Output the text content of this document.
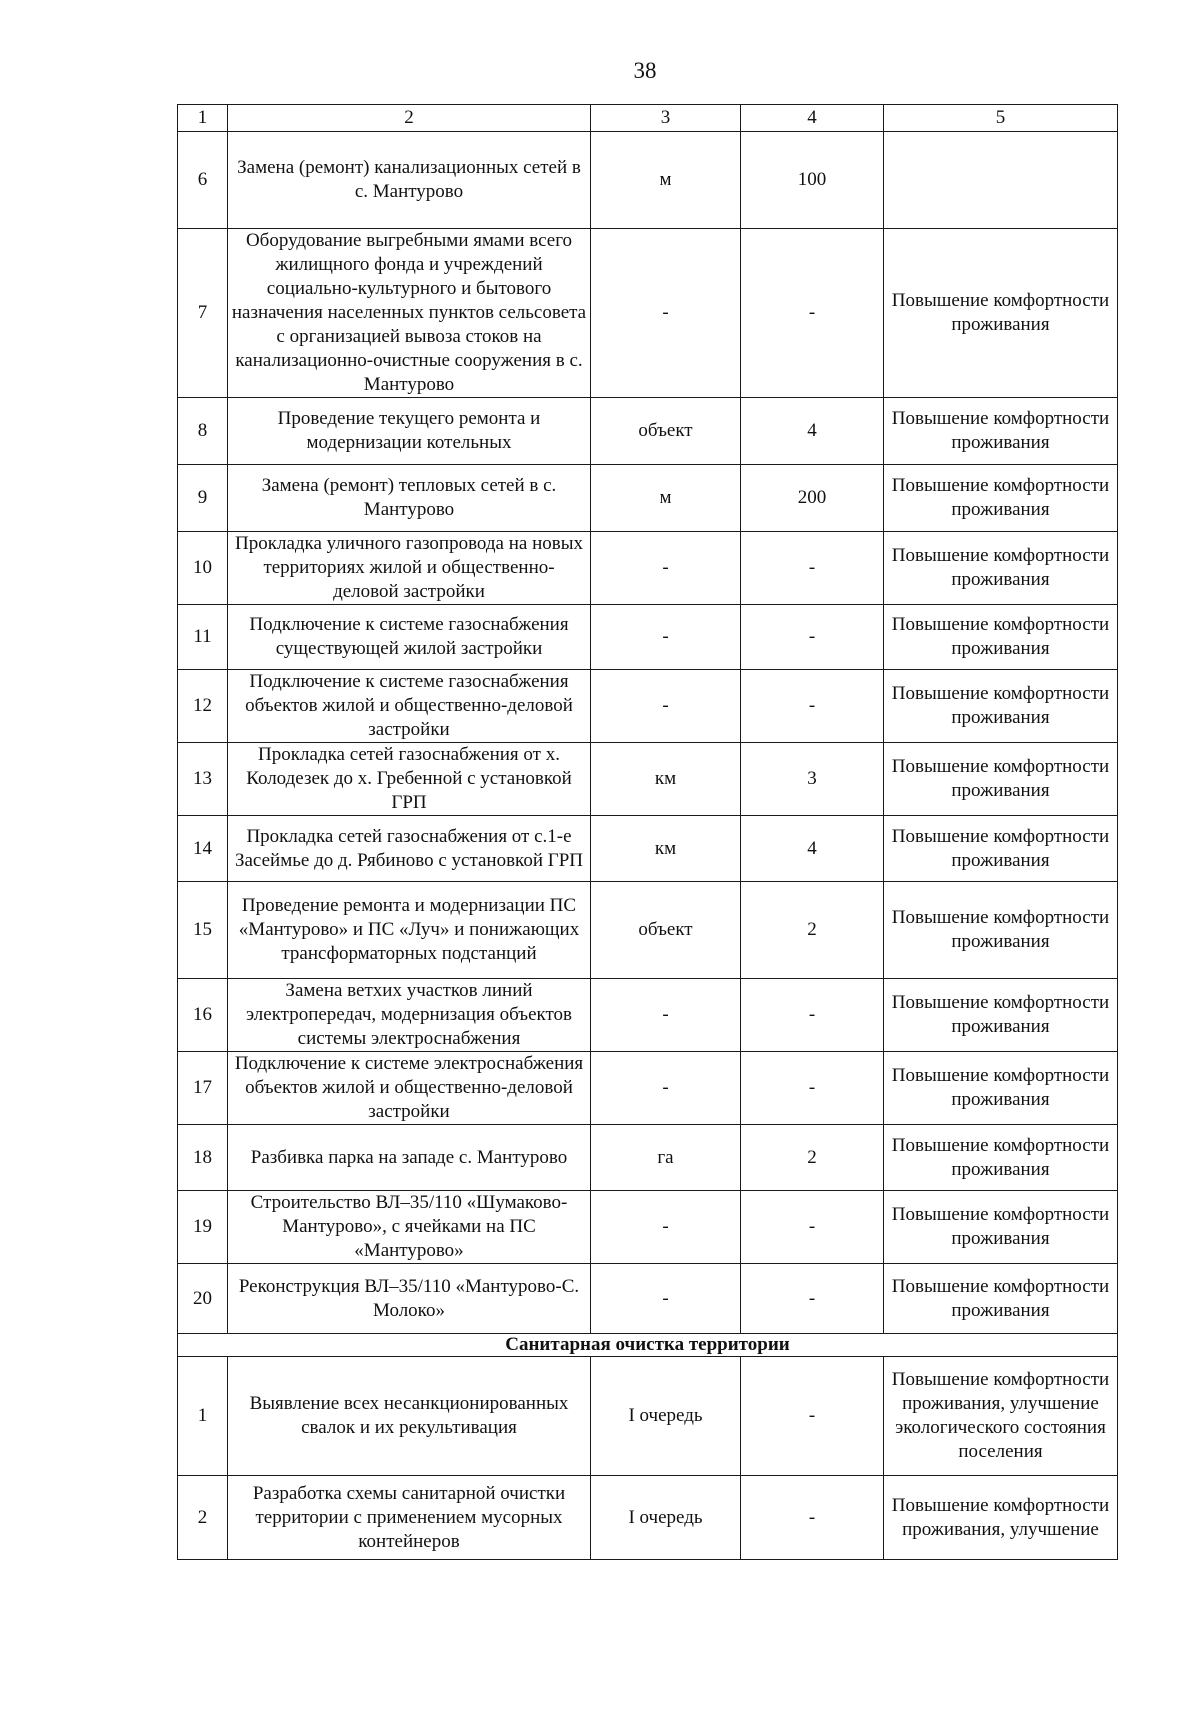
38
1	2	3	4	5
6	Замена (ремонт) канализационных сетей в с. Мантурово	м	100	
7	Оборудование выгребными ямами всего жилищного фонда и учреждений социально-культурного и бытового назначения населенных пунктов сельсовета с организацией вывоза стоков на канализационно-очистные сооружения в с. Мантурово	-	-	Повышение комфортности проживания
8	Проведение текущего ремонта и модернизации котельных	объект	4	Повышение комфортности проживания
9	Замена (ремонт) тепловых сетей в с. Мантурово	м	200	Повышение комфортности проживания
10	Прокладка уличного газопровода на новых территориях жилой и общественно-деловой застройки	-	-	Повышение комфортности проживания
11	Подключение к системе газоснабжения существующей жилой застройки	-	-	Повышение комфортности проживания
12	Подключение к системе газоснабжения объектов жилой и общественно-деловой застройки	-	-	Повышение комфортности проживания
13	Прокладка сетей газоснабжения от х. Колодезек до х. Гребенной с установкой ГРП	км	3	Повышение комфортности проживания
14	Прокладка сетей газоснабжения от с.1-е Засеймье до д. Рябиново с установкой ГРП	км	4	Повышение комфортности проживания
15	Проведение ремонта и модернизации ПС «Мантурово» и ПС «Луч» и понижающих трансформаторных подстанций	объект	2	Повышение комфортности проживания
16	Замена ветхих участков линий электропередач, модернизация объектов системы электроснабжения	-	-	Повышение комфортности проживания
17	Подключение к системе электроснабжения объектов жилой и общественно-деловой застройки	-	-	Повышение комфортности проживания
18	Разбивка парка на западе с. Мантурово	га	2	Повышение комфортности проживания
19	Строительство ВЛ–35/110 «Шумаково-Мантурово», с ячейками на ПС «Мантурово»	-	-	Повышение комфортности проживания
20	Реконструкция ВЛ–35/110 «Мантурово-С. Молоко»	-	-	Повышение комфортности проживания
Санитарная очистка территории				
1	Выявление всех несанкционированных свалок и их рекультивация	I очередь	-	Повышение комфортности проживания, улучшение экологического состояния поселения
2	Разработка схемы санитарной очистки территории с применением мусорных контейнеров	I очередь	-	Повышение комфортности проживания, улучшение
